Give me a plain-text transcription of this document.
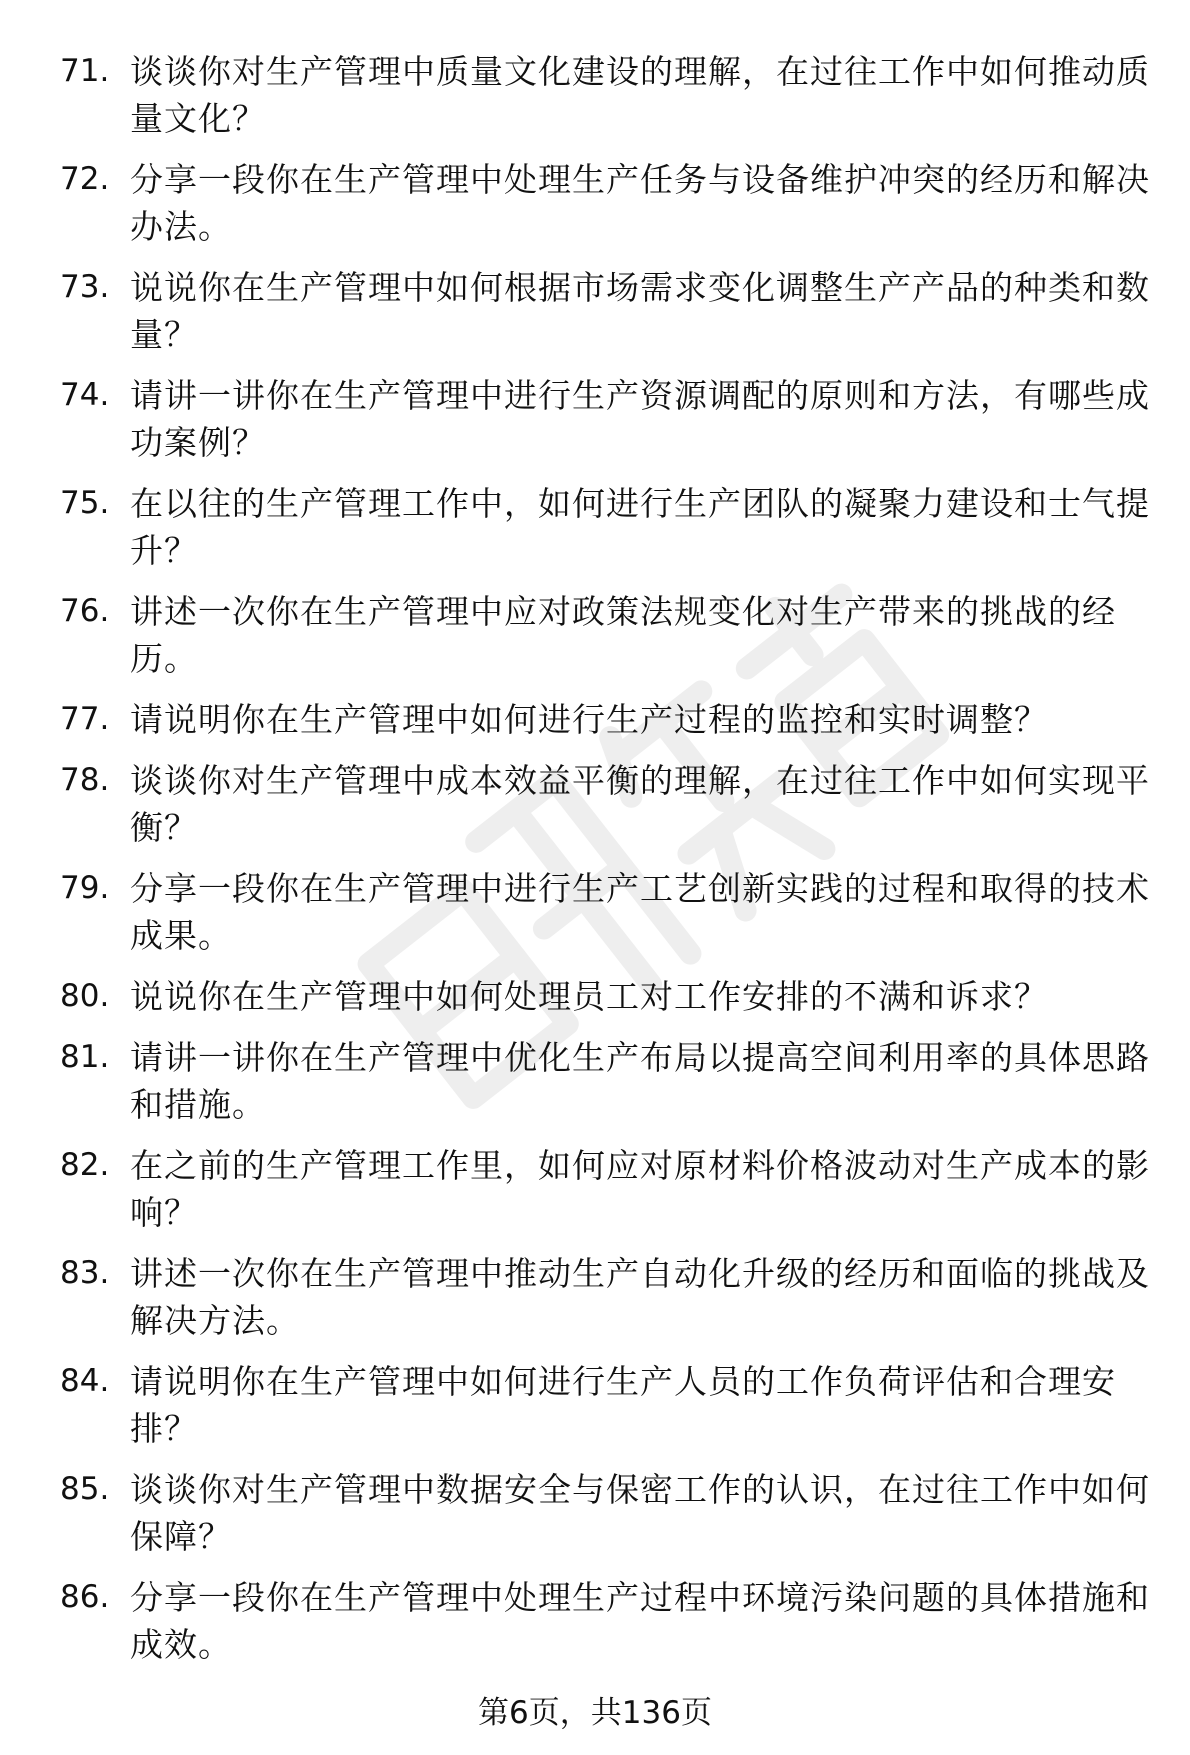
71. 谈谈你对生产管理中质量文化建设的理解，在过往工作中如何推动质量文化？
72. 分享一段你在生产管理中处理生产任务与设备维护冲突的经历和解决办法。
73. 说说你在生产管理中如何根据市场需求变化调整生产产品的种类和数量？
74. 请讲一讲你在生产管理中进行生产资源调配的原则和方法，有哪些成功案例？
75. 在以往的生产管理工作中，如何进行生产团队的凝聚力建设和士气提升？
76. 讲述一次你在生产管理中应对政策法规变化对生产带来的挑战的经历。
77. 请说明你在生产管理中如何进行生产过程的监控和实时调整？
78. 谈谈你对生产管理中成本效益平衡的理解，在过往工作中如何实现平衡？
79. 分享一段你在生产管理中进行生产工艺创新实践的过程和取得的技术成果。
80. 说说你在生产管理中如何处理员工对工作安排的不满和诉求？
81. 请讲一讲你在生产管理中优化生产布局以提高空间利用率的具体思路和措施。
82. 在之前的生产管理工作里，如何应对原材料价格波动对生产成本的影响？
83. 讲述一次你在生产管理中推动生产自动化升级的经历和面临的挑战及解决方法。
84. 请说明你在生产管理中如何进行生产人员的工作负荷评估和合理安排？
85. 谈谈你对生产管理中数据安全与保密工作的认识，在过往工作中如何保障？
86. 分享一段你在生产管理中处理生产过程中环境污染问题的具体措施和成效。
第6页，共136页
